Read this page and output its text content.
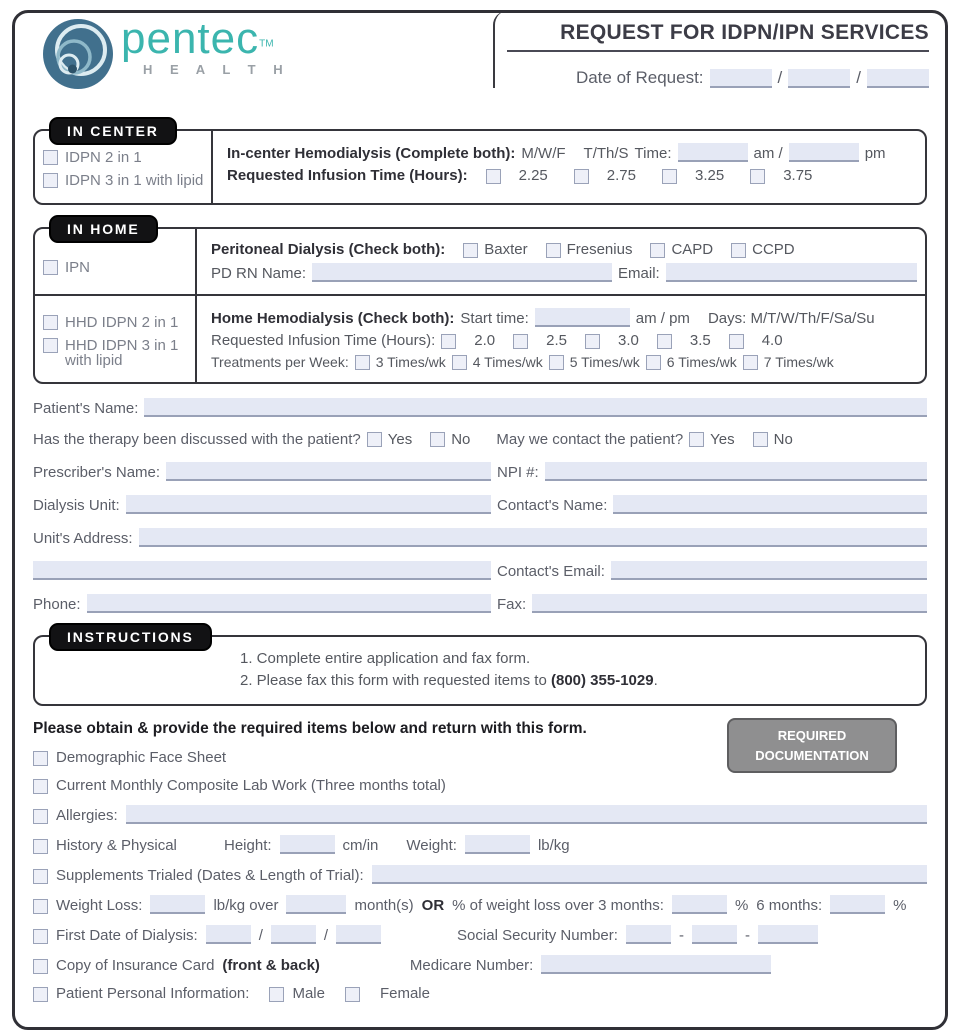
pentec™
H E A L T H
REQUEST FOR IDPN/IPN SERVICES
Date of Request:	/	/
IN CENTER
IDPN 2 in 1
IDPN 3 in 1 with lipid
In-center Hemodialysis (Complete both): M/W/F T/Th/S Time:	am /	pm
Requested Infusion Time (Hours):	2.25	2.75	3.25	3.75
IN HOME
IPN
Peritoneal Dialysis (Check both):	Baxter	Fresenius	CAPD	CCPD
PD RN Name:	Email:
HHD IDPN 2 in 1
HHD IDPN 3 in 1
with lipid
Home Hemodialysis (Check both): Start time:	am / pm Days: M/T/W/Th/F/Sa/Su
Requested Infusion Time (Hours):	2.0	2.5	3.0	3.5	4.0
Treatments per Week: 3 Times/wk 4 Times/wk 5 Times/wk 6 Times/wk 7 Times/wk
Patient's Name:
Has the therapy been discussed with the patient? Yes	No May we contact the patient? Yes	No
Prescriber's Name:	NPI #:
Dialysis Unit:	Contact's Name:
Unit's Address:
Contact's Email:
Phone:	Fax:
INSTRUCTIONS
1. Complete entire application and fax form.
2. Please fax this form with requested items to (800) 355-1029.
REQUIRED
DOCUMENTATION
Please obtain & provide the required items below and return with this form.
Demographic Face Sheet
Current Monthly Composite Lab Work (Three months total)
Allergies:
History & Physical	Height:	cm/in Weight:	lb/kg
Supplements Trialed (Dates & Length of Trial):
Weight Loss:	lb/kg over	month(s) OR % of weight loss over 3 months:	% 6 months:	%
First Date of Dialysis:	/	/	Social Security Number:	-	-
Copy of Insurance Card (front & back)	Medicare Number:
Patient Personal Information:	Male	Female
